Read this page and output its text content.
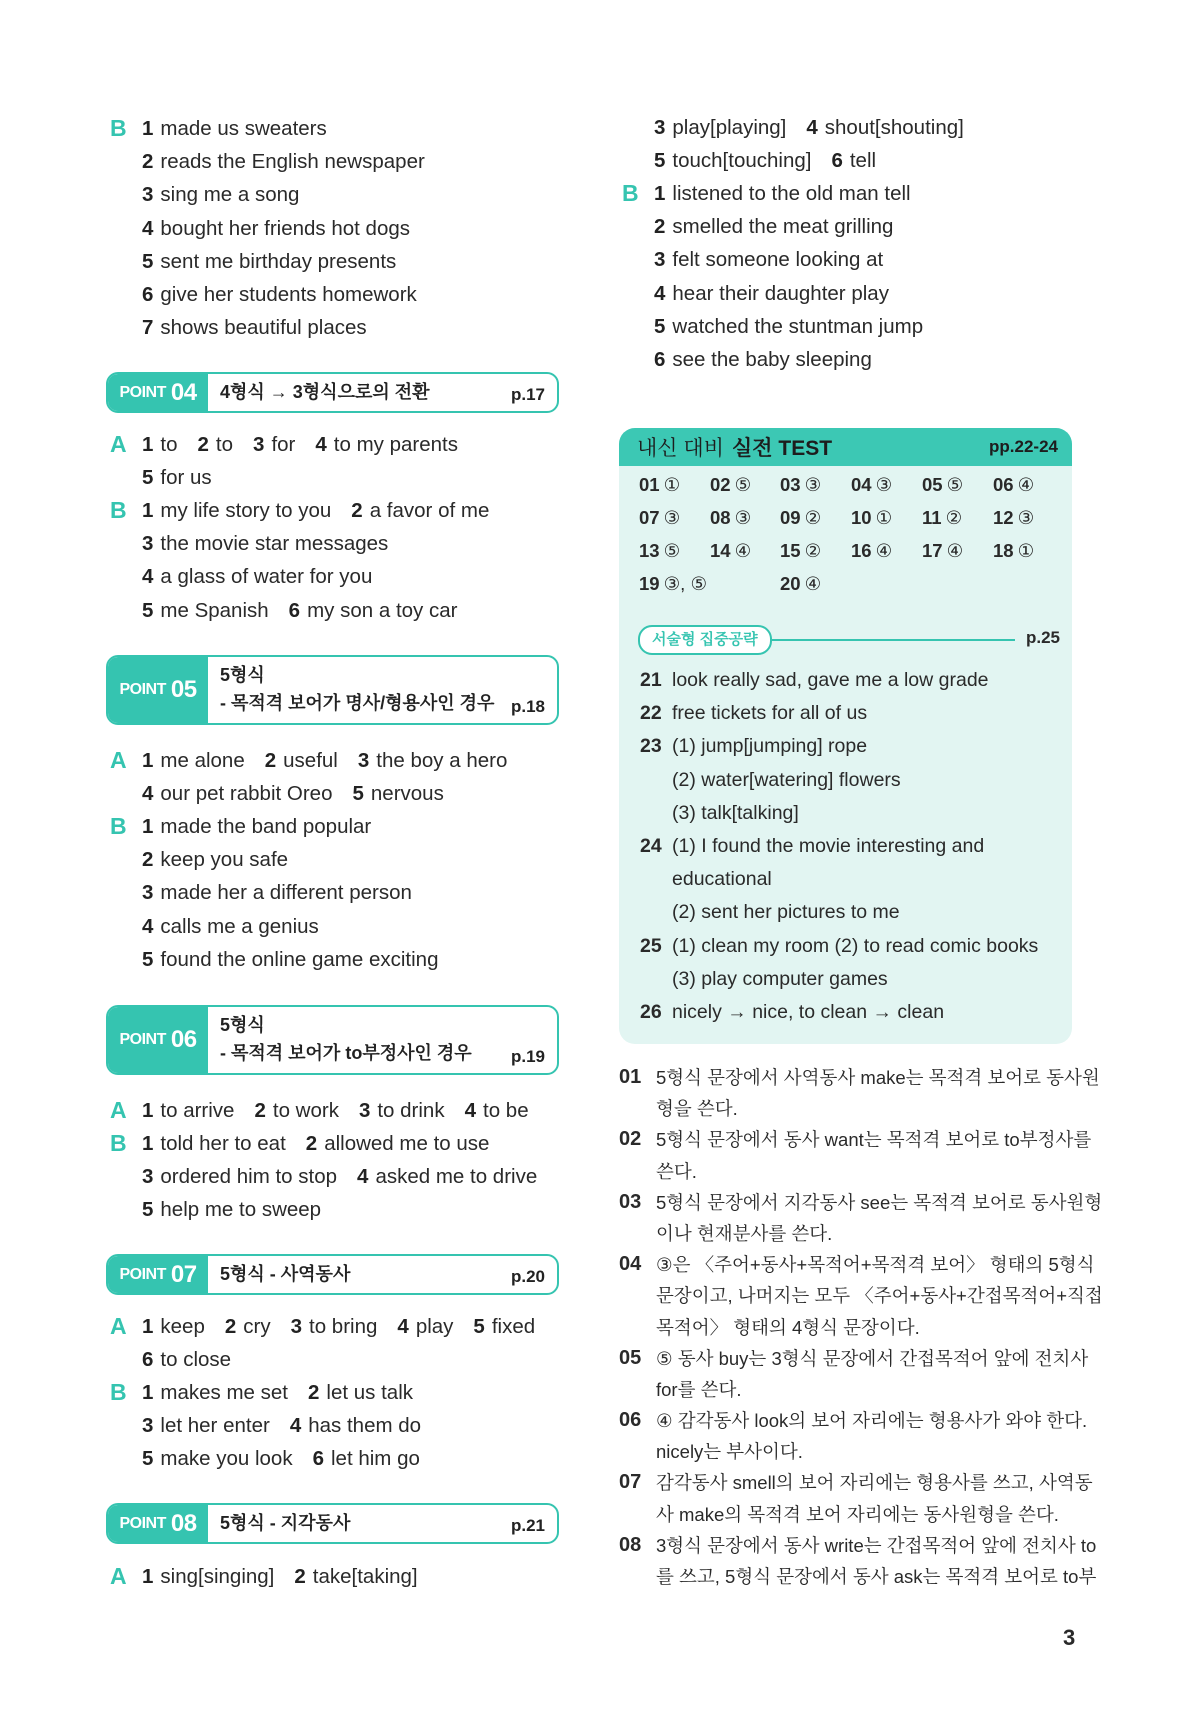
B 1 made us sweaters
2 reads the English newspaper
3 sing me a song
4 bought her friends hot dogs
5 sent me birthday presents
6 give her students homework
7 shows beautiful places
POINT 04 4형식 → 3형식으로의 전환	p.17
A 1 to 2 to 3 for 4 to my parents
5 for us
B 1 my life story to you 2 a favor of me
3 the movie star messages
4 a glass of water for you
5 me Spanish 6 my son a toy car
POINT 05
5형식
- 목적격 보어가 명사/형용사인 경우 p.18
A 1 me alone 2 useful 3 the boy a hero
4 our pet rabbit Oreo 5 nervous
B 1 made the band popular
2 keep you safe
3 made her a different person
4 calls me a genius
5 found the online game exciting
POINT 06
5형식
- 목적격 보어가 to부정사인 경우	p.19
A 1 to arrive 2 to work 3 to drink 4 to be
B 1 told her to eat 2 allowed me to use
3 ordered him to stop 4 asked me to drive
5 help me to sweep
POINT 07 5형식 - 사역동사	p.20
A 1 keep 2 cry 3 to bring 4 play 5 fixed
6 to close
B 1 makes me set 2 let us talk
3 let her enter 4 has them do
5 make you look 6 let him go
POINT 08 5형식 - 지각동사	p.21
A 1 sing[singing] 2 take[taking]
3 play[playing] 4 shout[shouting]
5 touch[touching] 6 tell
B 1 listened to the old man tell
2 smelled the meat grilling
3 felt someone looking at
4 hear their daughter play
5 watched the stuntman jump
6 see the baby sleeping
내신 대비 실전 TEST	pp.22-24
01 ① 02 ⑤ 03 ③ 04 ③ 05 ⑤ 06 ④
07 ③ 08 ③ 09 ② 10 ① 11 ② 12 ③
13 ⑤ 14 ④ 15 ② 16 ④ 17 ④ 18 ①
19 ③, ⑤	20 ④
서술형 집중공략	p.25
21 look really sad, gave me a low grade
22 free tickets for all of us
23 (1) jump[jumping] rope
(2) water[watering] flowers
(3) talk[talking]
24 (1) I found the movie interesting and
educational
(2) sent her pictures to me
25 (1) clean my room (2) to read comic books
(3) play computer games
26 nicely → nice, to clean → clean
01 5형식 문장에서 사역동사 make는 목적격 보어로 동사원
형을 쓴다.
02 5형식 문장에서 동사 want는 목적격 보어로 to부정사를
쓴다.
03 5형식 문장에서 지각동사 see는 목적격 보어로 동사원형
이나 현재분사를 쓴다.
04 ③은 〈주어+동사+목적어+목적격 보어〉 형태의 5형식
문장이고, 나머지는 모두 〈주어+동사+간접목적어+직접
목적어〉 형태의 4형식 문장이다.
05 ⑤ 동사 buy는 3형식 문장에서 간접목적어 앞에 전치사
for를 쓴다.
06 ④ 감각동사 look의 보어 자리에는 형용사가 와야 한다.
nicely는 부사이다.
07 감각동사 smell의 보어 자리에는 형용사를 쓰고, 사역동
사 make의 목적격 보어 자리에는 동사원형을 쓴다.
08 3형식 문장에서 동사 write는 간접목적어 앞에 전치사 to
를 쓰고, 5형식 문장에서 동사 ask는 목적격 보어로 to부
3
